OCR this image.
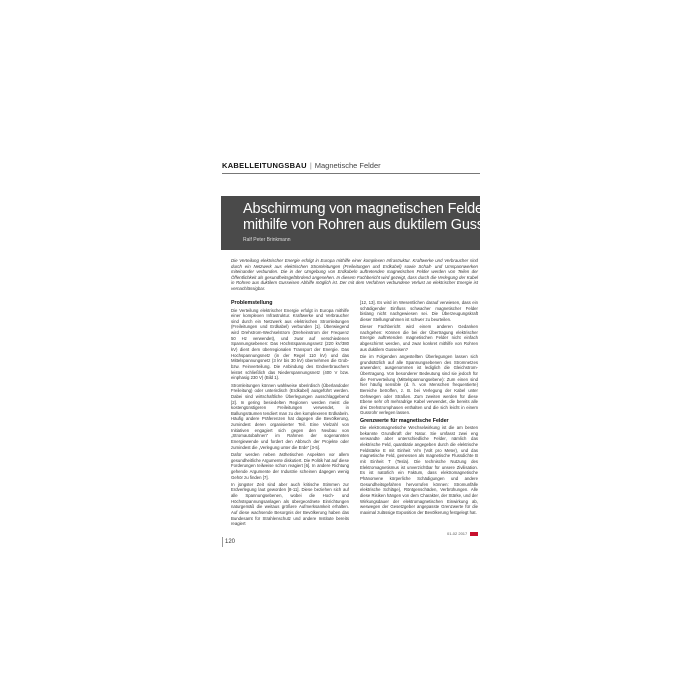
KABELLEITUNGSBAU | Magnetische Felder
Abschirmung von magnetischen Feldern
mithilfe von Rohren aus duktilem Gusseisen
Ralf Peter Brinkmann
Die Verteilung elektrischer Energie erfolgt in Europa mithilfe einer komplexen Infrastruktur. Kraftwerke und Verbraucher sind durch ein Netzwerk aus elektrischen Stromleitungen (Freileitungen und Erdkabel) sowie Schalt- und Umspannwerken miteinander verbunden. Die in der Umgebung von Erdkabeln auftretenden magnetischen Felder werden von Teilen der Öffentlichkeit als gesundheitsgefährdend angesehen. In diesem Fachbericht wird gezeigt, dass durch die Verlegung der Kabel in Rohren aus duktilem Gusseisen Abhilfe möglich ist. Der mit dem Verfahren verbundene Verlust an elektrischer Energie ist vernachlässigbar.
Problemstellung

Die Verteilung elektrischer Energie erfolgt in Europa mithilfe einer komplexen Infrastruktur. Kraftwerke und Verbraucher sind durch ein Netzwerk aus elektrischen Stromleitungen (Freileitungen und Erdkabel) verbunden [1]. Überwiegend wird Drehstrom-Wechselstrom (Dreheinstrom der Frequenz 50 Hz verwendet), und zwar auf verschiedenen Spannungsebenen: Das Höchstspannungsnetz (220 kV/380 kV) dient dem überregionalen Transport der Energie. Das Hochspannungsnetz (in der Regel 110 kV) und das Mittelspannungsnetz (3 kV bis 30 kV) übernehmen die Grob- bzw. Feinverteilung. Die Anbindung des Endverbrauchers leistet schließlich das Niederspannungsnetz (400 V bzw. einphasig 230 V) (Bild 1).

Stromleitungen können wahlweise überirdisch (Überlandoder Freileitung) oder unterirdisch (Erdkabel) ausgeführt werden. Dabei sind wirtschaftliche Überlegungen ausschlaggebend [2]. In gering besiedelten Regionen werden meist die kostengünstigeren Freileitungen verwendet, in Ballungsräumen tendiert man zu den komplexeren Erdkabeln. Häufig andere Präferenzen hat dagegen die Bevölkerung, zumindest deren organisierter Teil. Eine Vielzahl von Initiativen engagiert sich gegen den Neubau von „Stromautobahnen“ im Rahmen der sogenannten Energiewende und fordert den Abbruch der Projekte oder zumindest die „Verlegung unter die Erde“ [3-5].

Dafür werden neben ästhetischen Aspekten vor allem gesundheitliche Argumente diskutiert. Die Politik hat auf diese Forderungen teilweise schon reagiert [6]. In andere Richtung gehende Argumente der Industrie scheinen dagegen wenig Gehör zu finden [7].

In jüngster Zeit sind aber auch kritische Stimmen zur Erdverlegung laut geworden [8-11]. Diese beziehen sich auf alle Spannungsebenen, wobei die Hoch- und Höchstspannungsanlagen als übergeordnete Einrichtungen naturgemäß die weitaus größere Aufmerksamkeit erhalten. Auf diese wachsende Besorgnis der Bevölkerung haben das Bundesamt für Strahlenschutz und andere Institute bereits reagiert

[12, 13]. Es wird im Wesentlichen darauf verwiesen, dass ein schädigender Einfluss schwacher magnetischer Felder bislang nicht nachgewiesen sei. Die Überzeugungskraft dieser Stellungnahmen ist schwer zu beurteilen.

Dieser Fachbericht wird einem anderen Gedanken nachgehen: Können die bei der Übertragung elektrischer Energie auftretenden magnetischen Felder nicht einfach abgeschirmt werden, und zwar konkret mithilfe von Rohren aus duktilem Gusseisen?

Die im Folgenden angestellten Überlegungen lassen sich grundsätzlich auf alle Spannungsebenen des Stromnetzes anwenden; ausgenommen ist lediglich die Gleichstrom-Übertragung. Von besonderer Bedeutung sind sie jedoch für die Fernverteilung (Mittelspannungsebene): Zum einen sind hier häufig sensible (d. h. von Menschen frequentierte) Bereiche betroffen, z. B. bei Verlegung der Kabel unter Gehwegen oder Straßen. Zum zweiten werden für diese Ebene sehr oft mehradrige Kabel verwendet, die bereits alle drei Drehstromphasen enthalten und die sich leicht in einem Gussrohr verlegen lassen.

Grenzwerte für magnetische Felder

Die elektromagnetische Wechselwirkung ist die am besten bekannte Grundkraft der Natur. Sie umfasst zwei eng verwandte aber unterschiedliche Felder, nämlich das elektrische Feld, quantitativ angegeben durch die elektrische Feldstärke E mit Einheit V/m (Volt pro Meter), und das magnetische Feld, gemessen als magnetische Flussdichte B mit Einheit T (Tesla). Die technische Nutzung des Elektromagnetismus ist unverzichtbar für unsere Zivilisation. Es ist natürlich ein Faktum, dass elektromagnetische Phänomene körperliche Schädigungen und andere Gesundheitsgefahren hervorrufen können: Stromunfälle elektrische Schläge), Röntgenschäden, Verbrühungen. Alle diese Risiken hängen von dem Charakter, der Stärke, und der Wirkungsdauer der elektromagnetischen Einwirkung ab, weswegen der Gesetzgeber angepasste Grenzwerte für die maximal zulässige Exposition der Bevölkerung festgelegt hat.

120
01-02 2017
